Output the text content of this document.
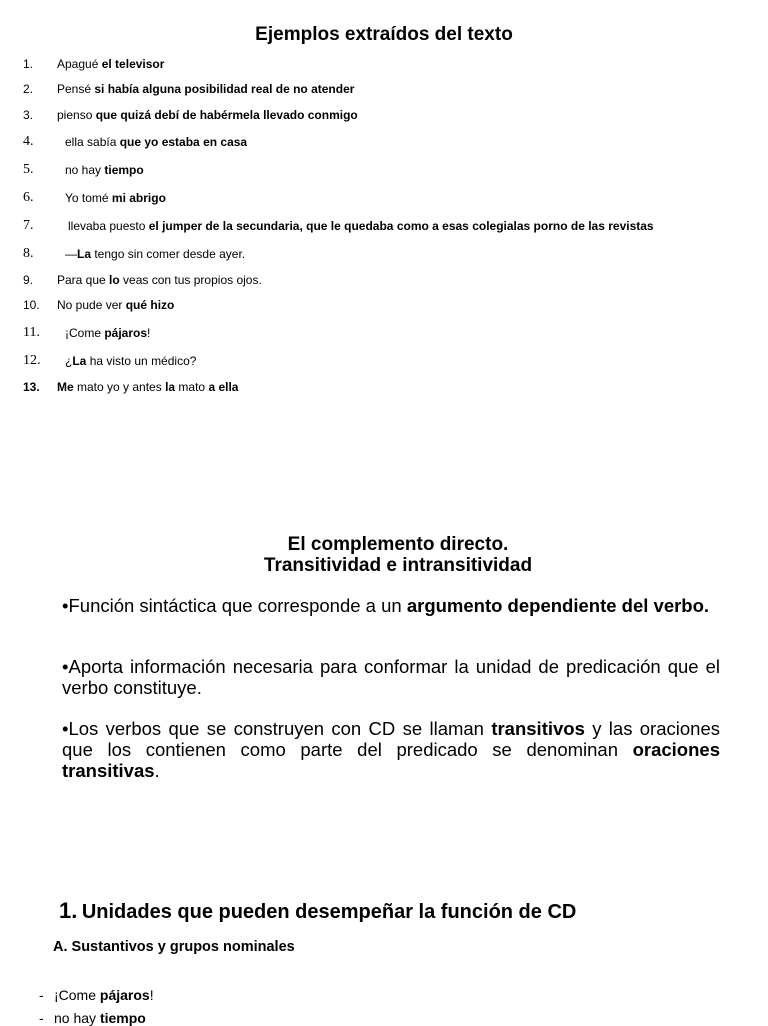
Ejemplos extraídos del texto
1. Apagué el televisor
2. Pensé si había alguna posibilidad real de no atender
3. pienso que quizá debí de habérmela llevado conmigo
4.	ella sabía que yo estaba en casa
5.	no hay tiempo
6.	Yo tomé mi abrigo
7.	llevaba puesto el jumper de la secundaria, que le quedaba como a esas colegialas porno de las revistas
8.	—La tengo sin comer desde ayer.
9. Para que lo veas con tus propios ojos.
10. No pude ver qué hizo
11. ¡Come pájaros!
12. ¿La ha visto un médico?
13. Me mato yo y antes la mato a ella
El complemento directo.
Transitividad e intransitividad
•Función sintáctica que corresponde a un argumento dependiente del verbo.
•Aporta información necesaria para conformar la unidad de predicación que el verbo constituye.
•Los verbos que se construyen con CD se llaman transitivos y las oraciones que los contienen como parte del predicado se denominan oraciones transitivas.
1. Unidades que pueden desempeñar la función de CD
A. Sustantivos y grupos nominales
- ¡Come pájaros!
- no hay tiempo
